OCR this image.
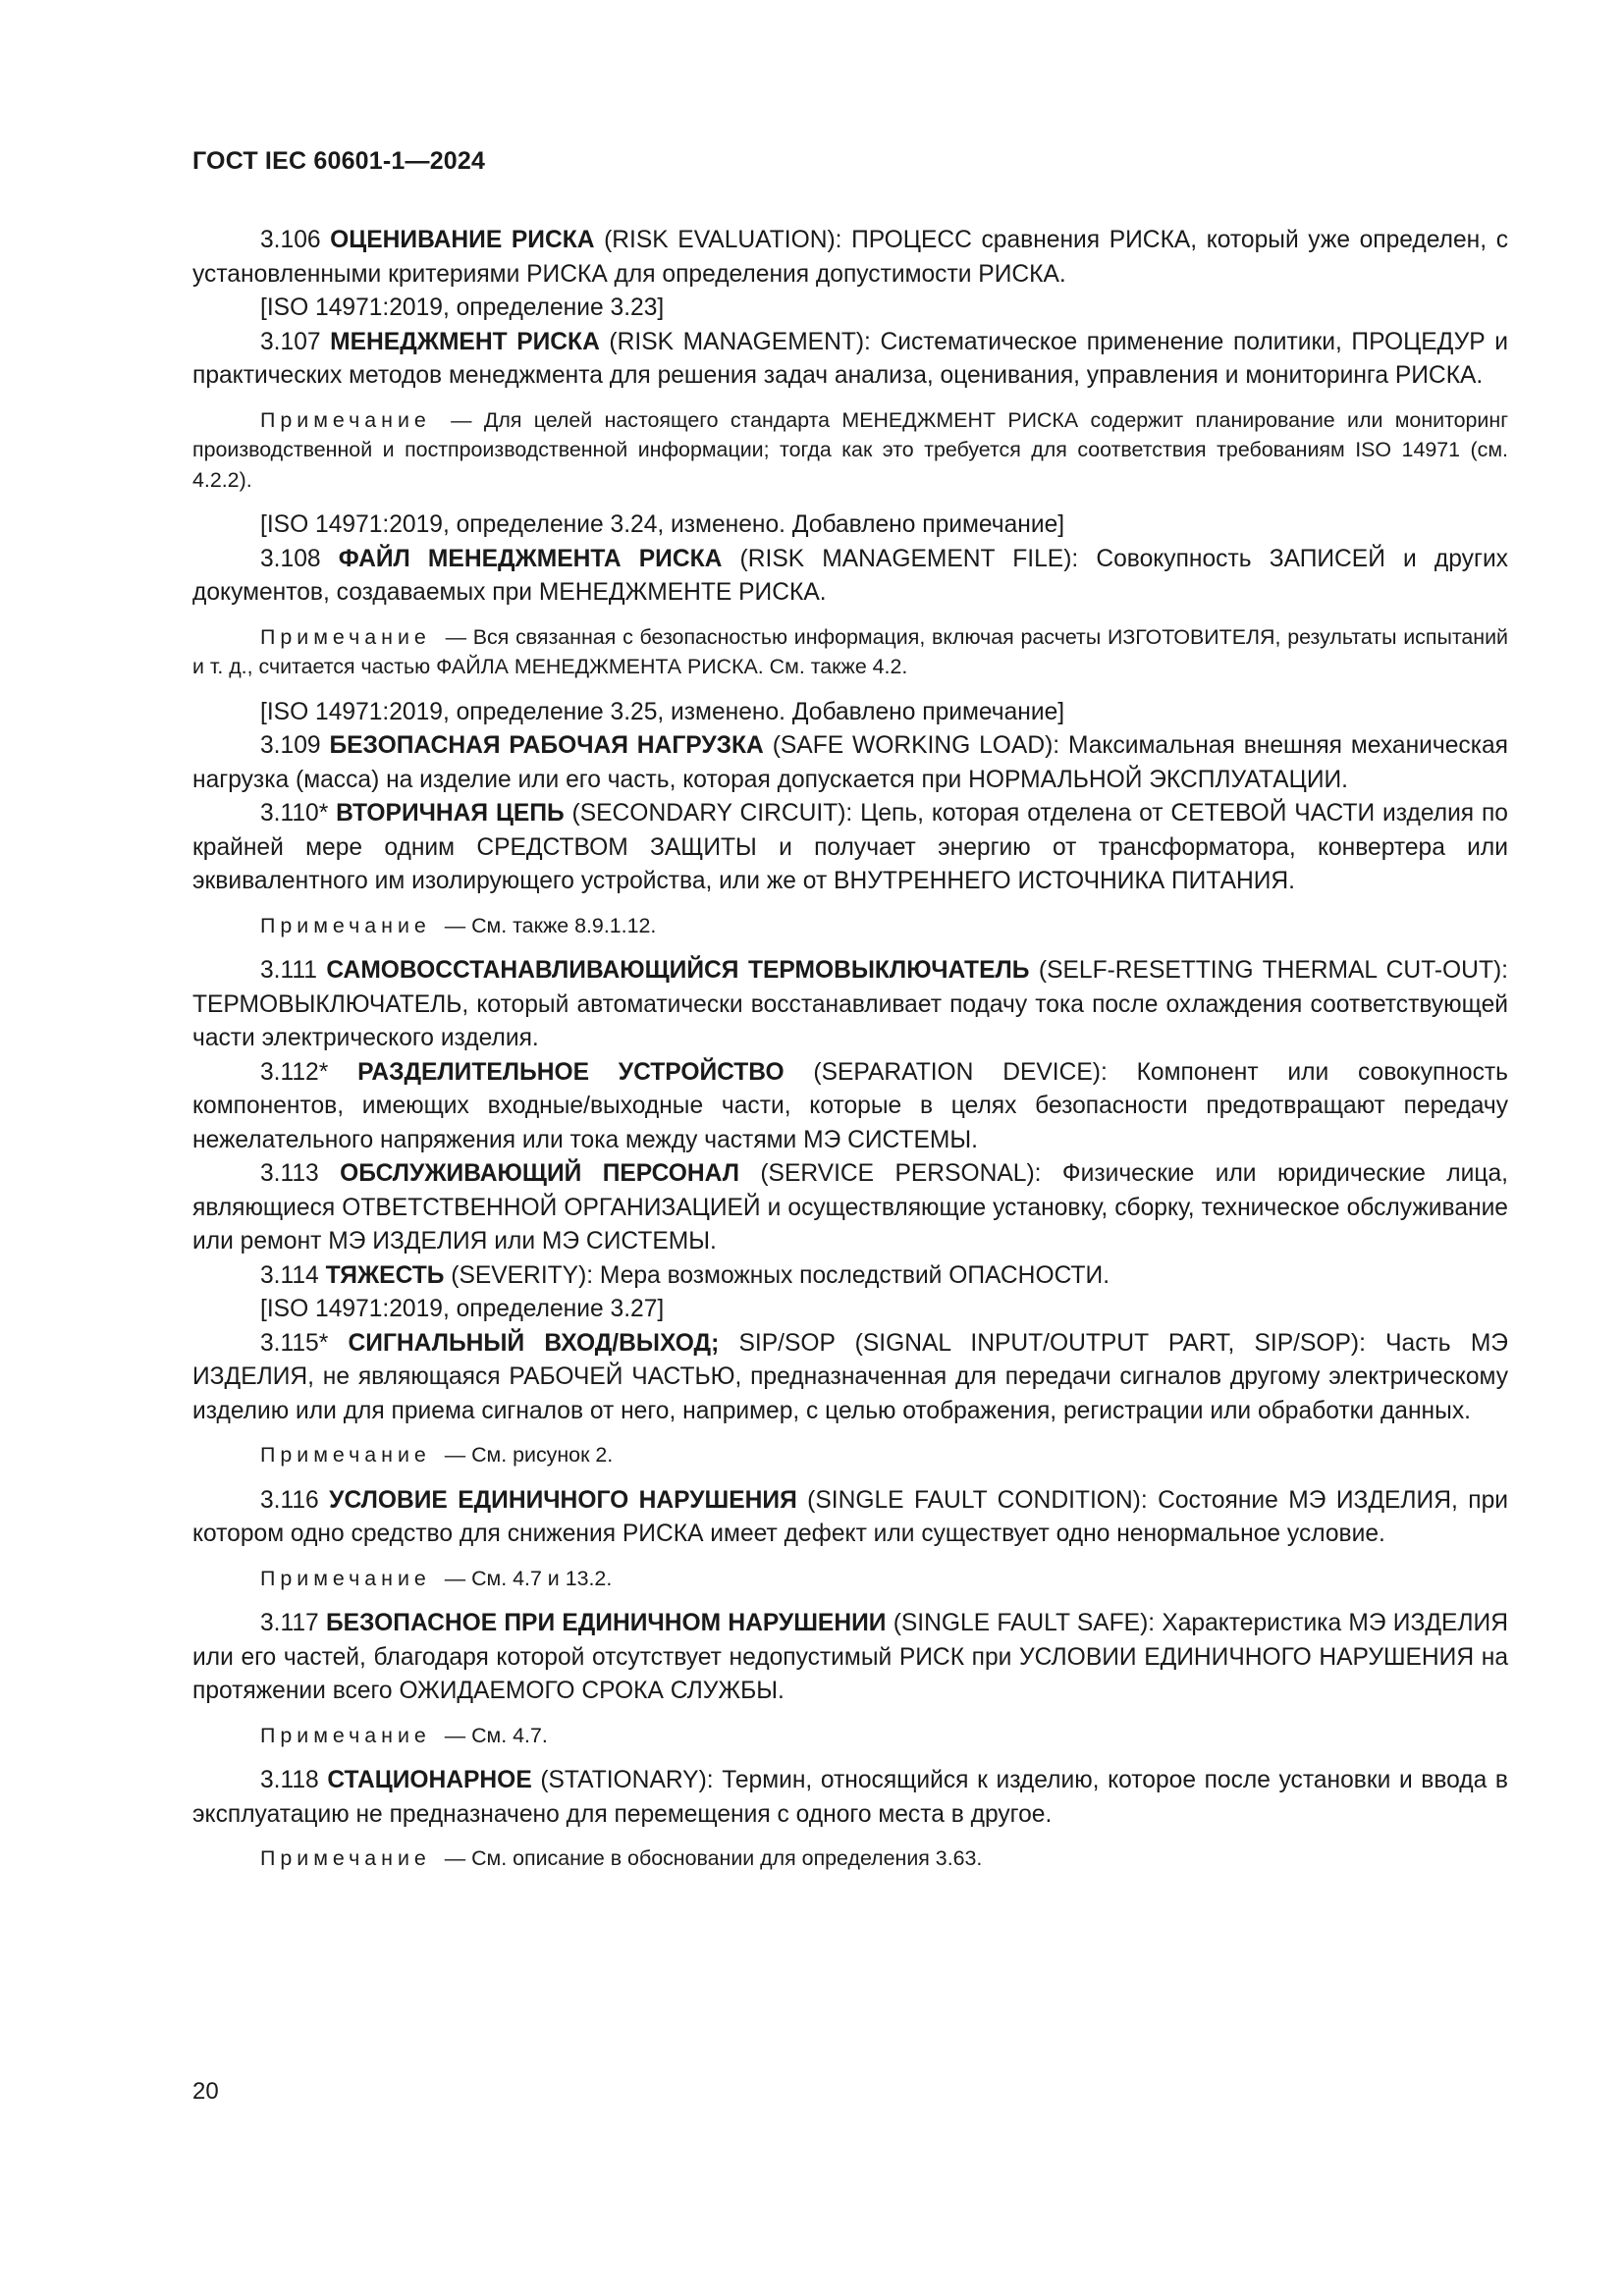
ГОСТ IEC 60601-1—2024

3.106 ОЦЕНИВАНИЕ РИСКА (RISK EVALUATION): ПРОЦЕСС сравнения РИСКА, который уже определен, с установленными критериями РИСКА для определения допустимости РИСКА.

[ISO 14971:2019, определение 3.23]

3.107 МЕНЕДЖМЕНТ РИСКА (RISK MANAGEMENT): Систематическое применение политики, ПРОЦЕДУР и практических методов менеджмента для решения задач анализа, оценивания, управления и мониторинга РИСКА.

Примечание — Для целей настоящего стандарта МЕНЕДЖМЕНТ РИСКА содержит планирование или мониторинг производственной и постпроизводственной информации; тогда как это требуется для соответствия требованиям ISO 14971 (см. 4.2.2).

[ISO 14971:2019, определение 3.24, изменено. Добавлено примечание]

3.108 ФАЙЛ МЕНЕДЖМЕНТА РИСКА (RISK MANAGEMENT FILE): Совокупность ЗАПИСЕЙ и других документов, создаваемых при МЕНЕДЖМЕНТЕ РИСКА.

Примечание — Вся связанная с безопасностью информация, включая расчеты ИЗГОТОВИТЕЛЯ, результаты испытаний и т. д., считается частью ФАЙЛА МЕНЕДЖМЕНТА РИСКА. См. также 4.2.

[ISO 14971:2019, определение 3.25, изменено. Добавлено примечание]

3.109 БЕЗОПАСНАЯ РАБОЧАЯ НАГРУЗКА (SAFE WORKING LOAD): Максимальная внешняя механическая нагрузка (масса) на изделие или его часть, которая допускается при НОРМАЛЬНОЙ ЭКСПЛУАТАЦИИ.

3.110* ВТОРИЧНАЯ ЦЕПЬ (SECONDARY CIRCUIT): Цепь, которая отделена от СЕТЕВОЙ ЧАСТИ изделия по крайней мере одним СРЕДСТВОМ ЗАЩИТЫ и получает энергию от трансформатора, конвертера или эквивалентного им изолирующего устройства, или же от ВНУТРЕННЕГО ИСТОЧНИКА ПИТАНИЯ.

Примечание — См. также 8.9.1.12.

3.111 САМОВОССТАНАВЛИВАЮЩИЙСЯ ТЕРМОВЫКЛЮЧАТЕЛЬ (SELF-RESETTING THERMAL CUT-OUT): ТЕРМОВЫКЛЮЧАТЕЛЬ, который автоматически восстанавливает подачу тока после охлаждения соответствующей части электрического изделия.

3.112* РАЗДЕЛИТЕЛЬНОЕ УСТРОЙСТВО (SEPARATION DEVICE): Компонент или совокупность компонентов, имеющих входные/выходные части, которые в целях безопасности предотвращают передачу нежелательного напряжения или тока между частями МЭ СИСТЕМЫ.

3.113 ОБСЛУЖИВАЮЩИЙ ПЕРСОНАЛ (SERVICE PERSONAL): Физические или юридические лица, являющиеся ОТВЕТСТВЕННОЙ ОРГАНИЗАЦИЕЙ и осуществляющие установку, сборку, техническое обслуживание или ремонт МЭ ИЗДЕЛИЯ или МЭ СИСТЕМЫ.

3.114 ТЯЖЕСТЬ (SEVERITY): Мера возможных последствий ОПАСНОСТИ.

[ISO 14971:2019, определение 3.27]

3.115* СИГНАЛЬНЫЙ ВХОД/ВЫХОД; SIP/SOP (SIGNAL INPUT/OUTPUT PART, SIP/SOP): Часть МЭ ИЗДЕЛИЯ, не являющаяся РАБОЧЕЙ ЧАСТЬЮ, предназначенная для передачи сигналов другому электрическому изделию или для приема сигналов от него, например, с целью отображения, регистрации или обработки данных.

Примечание — См. рисунок 2.

3.116 УСЛОВИЕ ЕДИНИЧНОГО НАРУШЕНИЯ (SINGLE FAULT CONDITION): Состояние МЭ ИЗДЕЛИЯ, при котором одно средство для снижения РИСКА имеет дефект или существует одно ненормальное условие.

Примечание — См. 4.7 и 13.2.

3.117 БЕЗОПАСНОЕ ПРИ ЕДИНИЧНОМ НАРУШЕНИИ (SINGLE FAULT SAFE): Характеристика МЭ ИЗДЕЛИЯ или его частей, благодаря которой отсутствует недопустимый РИСК при УСЛОВИИ ЕДИНИЧНОГО НАРУШЕНИЯ на протяжении всего ОЖИДАЕМОГО СРОКА СЛУЖБЫ.

Примечание — См. 4.7.

3.118 СТАЦИОНАРНОЕ (STATIONARY): Термин, относящийся к изделию, которое после установки и ввода в эксплуатацию не предназначено для перемещения с одного места в другое.

Примечание — См. описание в обосновании для определения 3.63.

20
